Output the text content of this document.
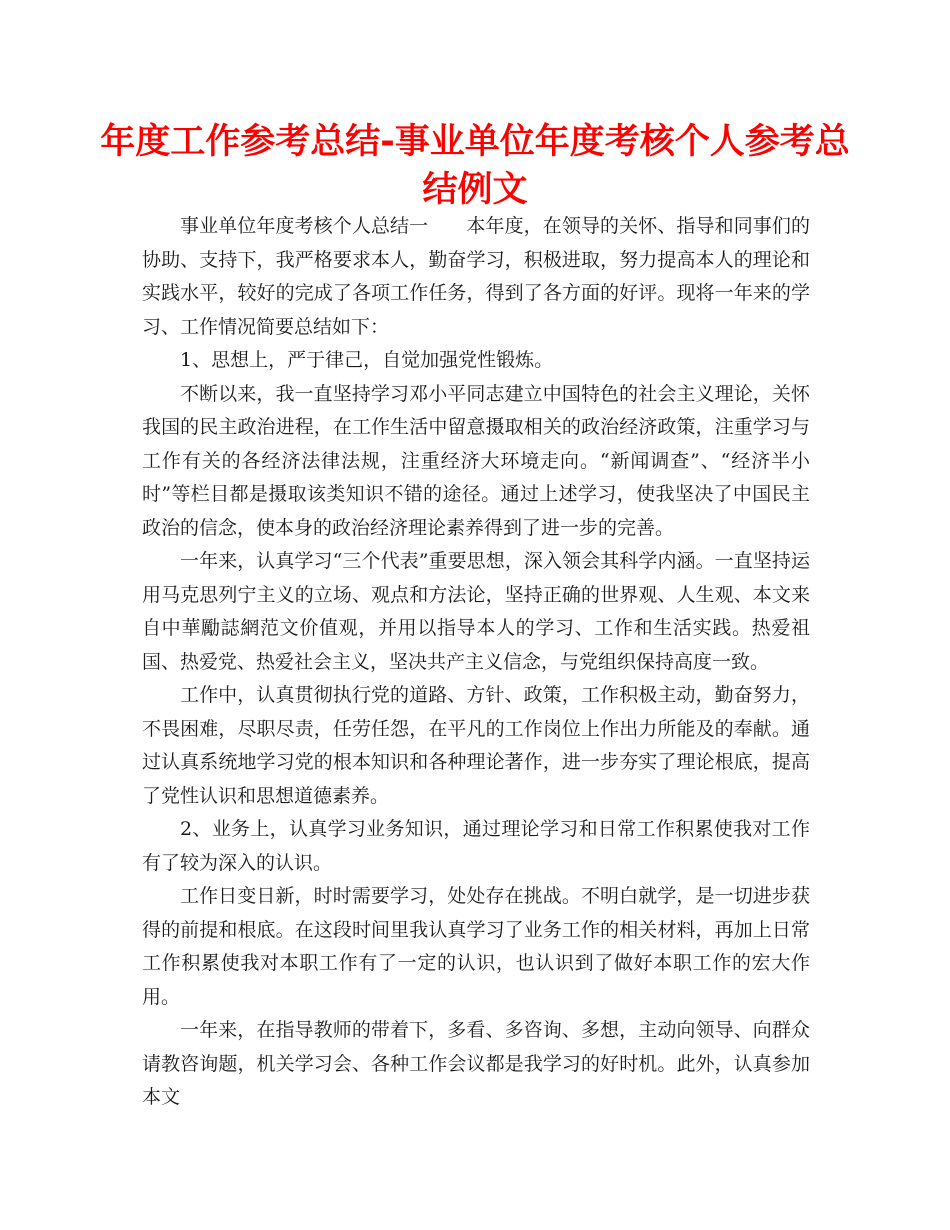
年度工作参考总结-事业单位年度考核个人参考总结例文

事业单位年度考核个人总结一　　本年度，在领导的关怀、指导和同事们的协助、支持下，我严格要求本人，勤奋学习，积极进取，努力提高本人的理论和实践水平，较好的完成了各项工作任务，得到了各方面的好评。现将一年来的学习、工作情况简要总结如下：

1、思想上，严于律己，自觉加强党性锻炼。

不断以来，我一直坚持学习邓小平同志建立中国特色的社会主义理论，关怀我国的民主政治进程，在工作生活中留意摄取相关的政治经济政策，注重学习与工作有关的各经济法律法规，注重经济大环境走向。“新闻调查”、“经济半小时”等栏目都是摄取该类知识不错的途径。通过上述学习，使我坚决了中国民主政治的信念，使本身的政治经济理论素养得到了进一步的完善。

一年来，认真学习“三个代表”重要思想，深入领会其科学内涵。一直坚持运用马克思列宁主义的立场、观点和方法论，坚持正确的世界观、人生观、本文来自中華勵誌網范文价值观，并用以指导本人的学习、工作和生活实践。热爱祖国、热爱党、热爱社会主义，坚决共产主义信念，与党组织保持高度一致。

工作中，认真贯彻执行党的道路、方针、政策，工作积极主动，勤奋努力，不畏困难，尽职尽责，任劳任怨，在平凡的工作岗位上作出力所能及的奉献。通过认真系统地学习党的根本知识和各种理论著作，进一步夯实了理论根底，提高了党性认识和思想道德素养。

2、业务上，认真学习业务知识，通过理论学习和日常工作积累使我对工作有了较为深入的认识。

工作日变日新，时时需要学习，处处存在挑战。不明白就学，是一切进步获得的前提和根底。在这段时间里我认真学习了业务工作的相关材料，再加上日常工作积累使我对本职工作有了一定的认识，也认识到了做好本职工作的宏大作用。

一年来，在指导教师的带着下，多看、多咨询、多想，主动向领导、向群众请教咨询题，机关学习会、各种工作会议都是我学习的好时机。此外，认真参加本文
